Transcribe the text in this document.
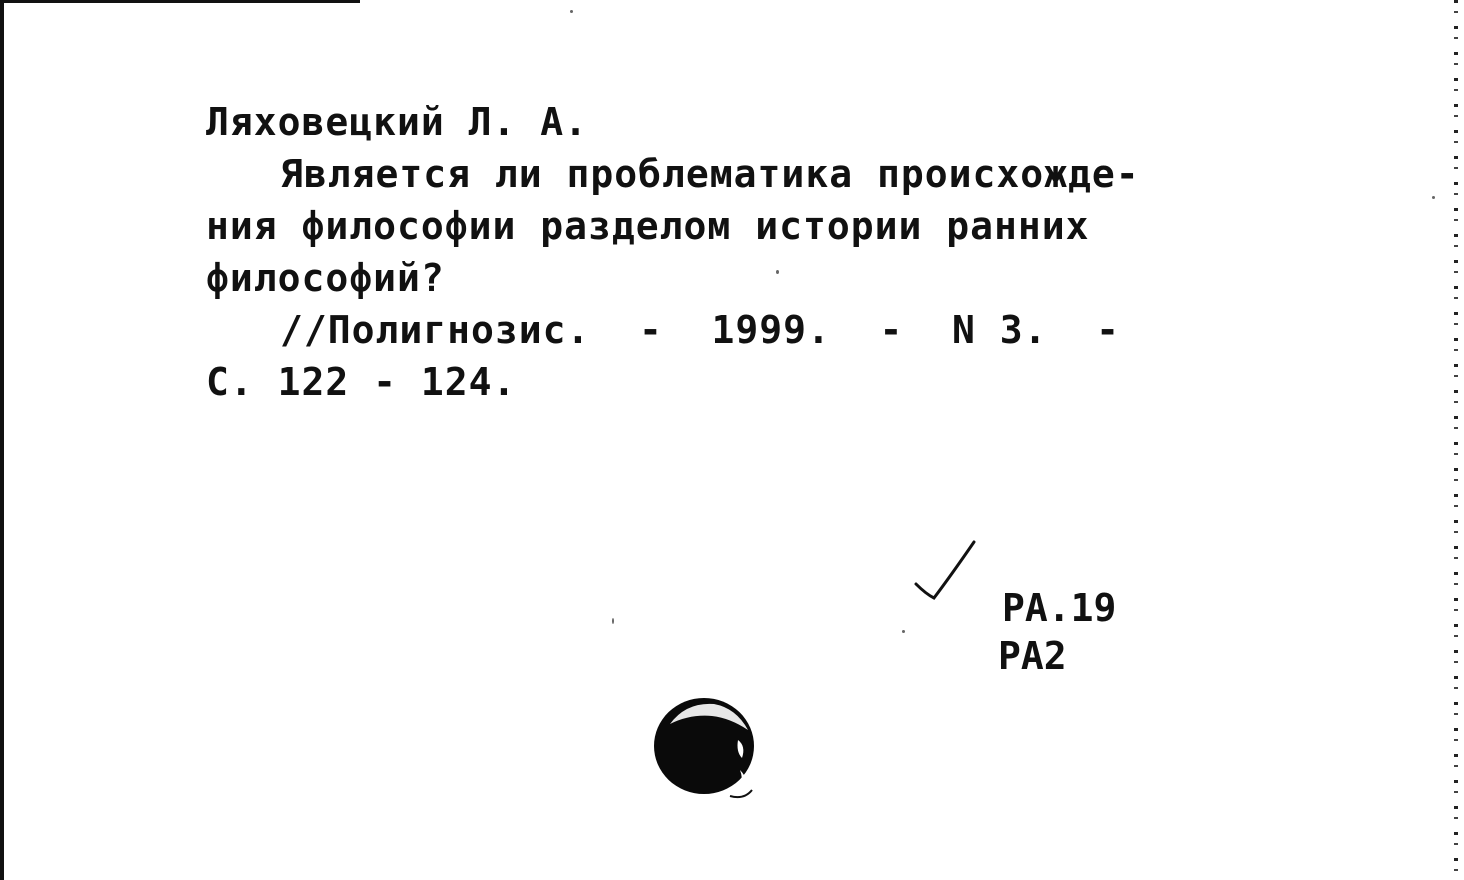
Ляховецкий Л. А.
Является ли проблематика происхожде-
ния философии разделом истории ранних
философий?
//Полигнозис. - 1999. - N 3. -
С. 122 - 124.
РА.19
РА2
